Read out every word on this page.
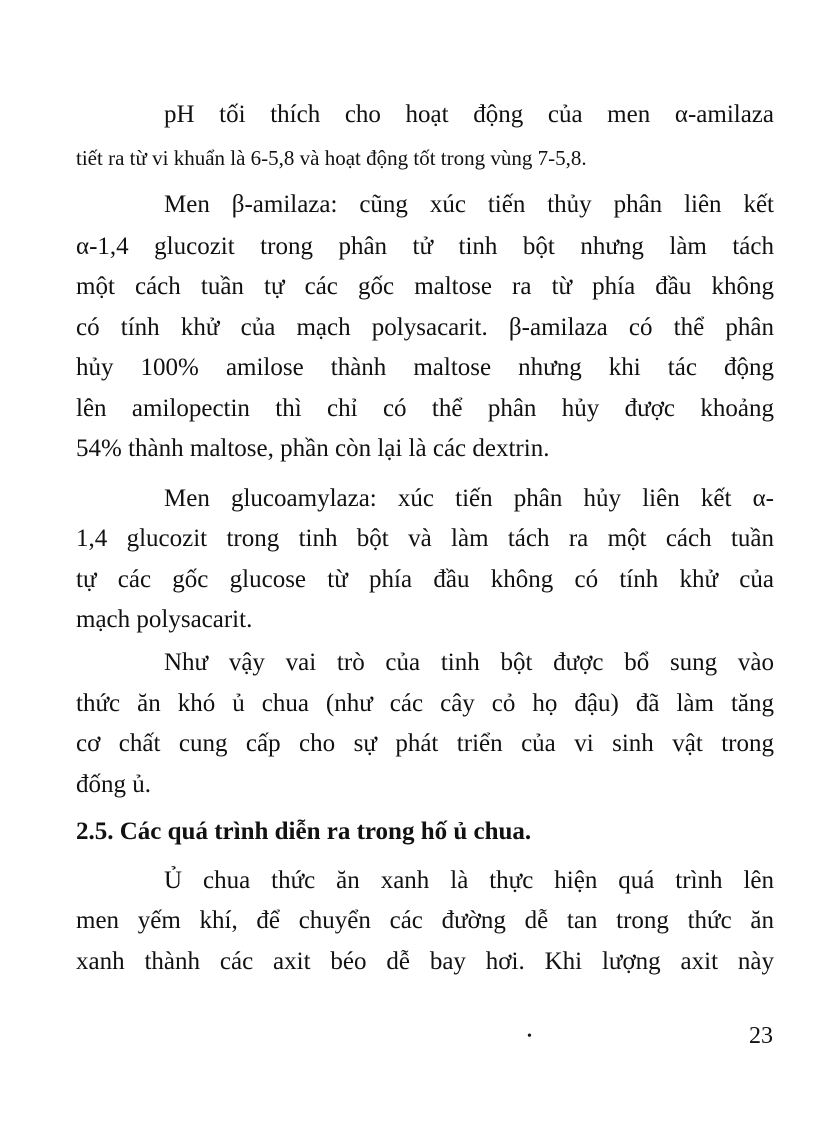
pH tối thích cho hoạt động của men α-amilaza
tiết ra từ vi khuẩn là 6-5,8 và hoạt động tốt trong vùng 7-5,8.
Men β-amilaza: cũng xúc tiến thủy phân liên kết
α-1,4 glucozit trong phân tử tinh bột nhưng làm tách
một cách tuần tự các gốc maltose ra từ phía đầu không
có tính khử của mạch polysacarit. β-amilaza có thể phân
hủy 100% amilose thành maltose nhưng khi tác động
lên amilopectin thì chỉ có thể phân hủy được khoảng
54% thành maltose, phần còn lại là các dextrin.
Men glucoamylaza: xúc tiến phân hủy liên kết α-
1,4 glucozit trong tinh bột và làm tách ra một cách tuần
tự các gốc glucose từ phía đầu không có tính khử của
mạch polysacarit.
Như vậy vai trò của tinh bột được bổ sung vào
thức ăn khó ủ chua (như các cây cỏ họ đậu) đã làm tăng
cơ chất cung cấp cho sự phát triển của vi sinh vật trong
đống ủ.
2.5. Các quá trình diễn ra trong hố ủ chua.
Ủ chua thức ăn xanh là thực hiện quá trình lên
men yếm khí, để chuyển các đường dễ tan trong thức ăn
xanh thành các axit béo dễ bay hơi. Khi lượng axit này
•	23
